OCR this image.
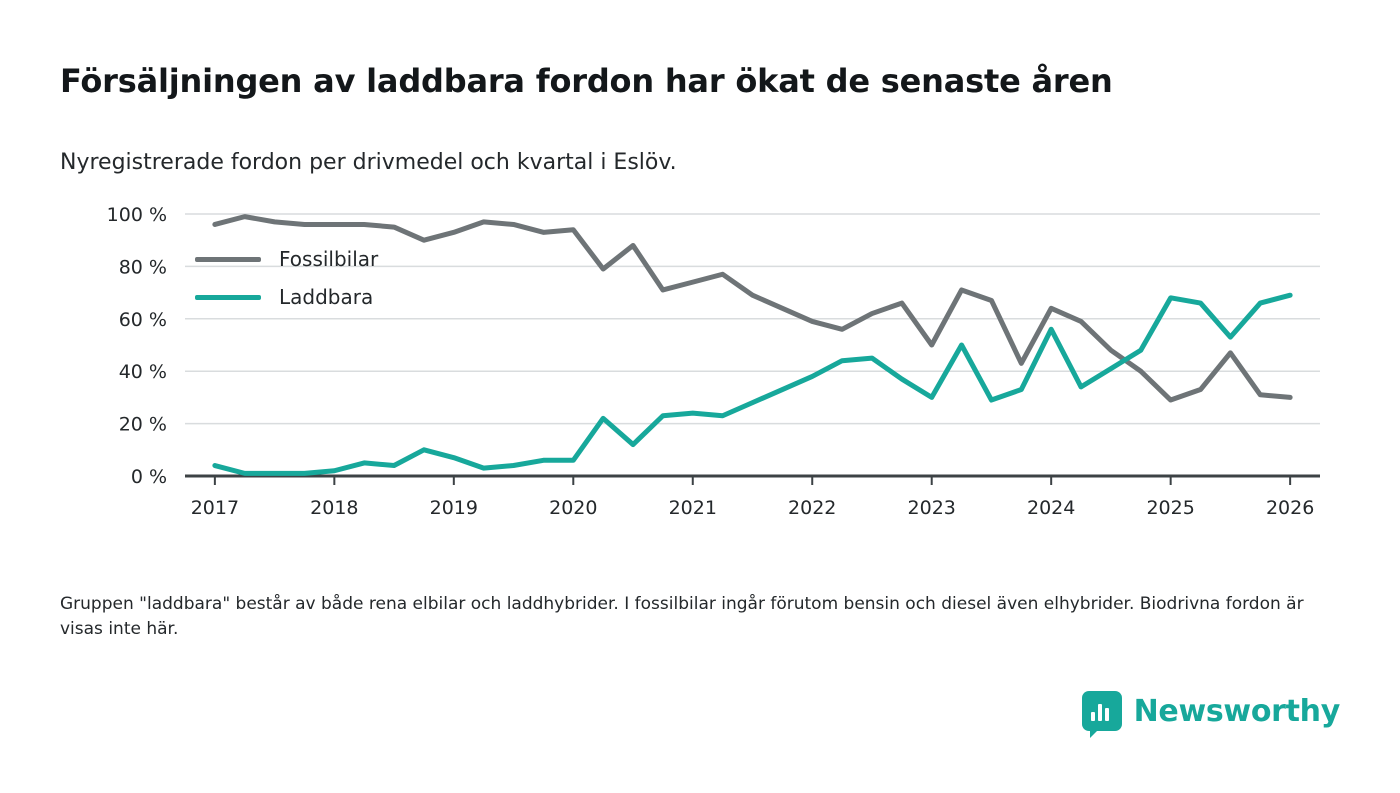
Försäljningen av laddbara fordon har ökat de senaste åren
Nyregistrerade fordon per drivmedel och kvartal i Eslöv.
0 %
20 %
40 %
60 %
80 %
100 %
2017	2018	2019	2020	2021	2022	2023	2024	2025	2026
Fossilbilar
Laddbara
Gruppen "laddbara" består av både rena elbilar och laddhybrider. I fossilbilar ingår förutom bensin och diesel även elhybrider. Biodrivna fordon är visas inte här.
Newsworthy
